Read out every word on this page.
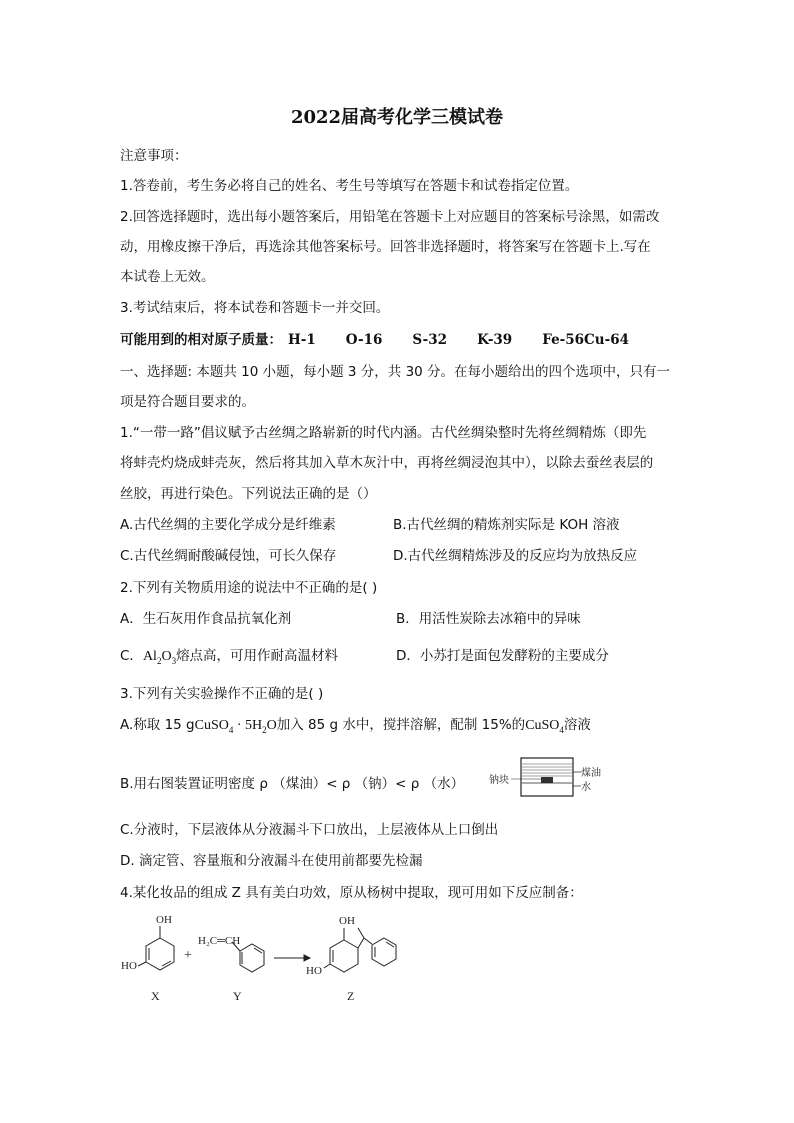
2022届高考化学三模试卷
注意事项：
1.答卷前，考生务必将自己的姓名、考生号等填写在答题卡和试卷指定位置。
2.回答选择题时，选出每小题答案后，用铅笔在答题卡上对应题目的答案标号涂黑，如需改
动，用橡皮擦干净后，再选涂其他答案标号。回答非选择题时，将答案写在答题卡上.写在
本试卷上无效。
3.考试结束后，将本试卷和答题卡一并交回。
可能用到的相对原子质量： H-1 O-16 S-32 K-39 Fe-56Cu-64
一、选择题: 本题共 10 小题，每小题 3 分，共 30 分。在每小题给出的四个选项中，只有一
项是符合题目要求的。
1.“一带一路”倡议赋予古丝绸之路崭新的时代内涵。古代丝绸染整时先将丝绸精炼（即先
将蚌壳灼烧成蚌壳灰，然后将其加入草木灰汁中，再将丝绸浸泡其中），以除去蚕丝表层的
丝胶，再进行染色。下列说法正确的是（）
A.古代丝绸的主要化学成分是纤维素	B.古代丝绸的精炼剂实际是 KOH 溶液
C.古代丝绸耐酸碱侵蚀，可长久保存	D.古代丝绸精炼涉及的反应均为放热反应
2.下列有关物质用途的说法中不正确的是( )
A．生石灰用作食品抗氧化剂	B．用活性炭除去冰箱中的异味
C．$Al_2O_3$熔点高，可用作耐高温材料	D．小苏打是面包发酵粉的主要成分
3.下列有关实验操作不正确的是( )
A.称取 15 gCuSO$_4$ · $5H_2O$加入 85 g 水中，搅拌溶解，配制 15%的CuSO$_4$溶液
B.用右图装置证明密度 ρ （煤油）< ρ （钠）< ρ （水） 钠块
煤油
水
C.分液时，下层液体从分液漏斗下口放出，上层液体从上口倒出
D. 滴定管、容量瓶和分液漏斗在使用前都要先检漏
4.某化妆品的组成 Z 具有美白功效，原从杨树中提取，现可用如下反应制备：
OH
HO
X
+
H₂C═CH
Y
OH
HO
Z
